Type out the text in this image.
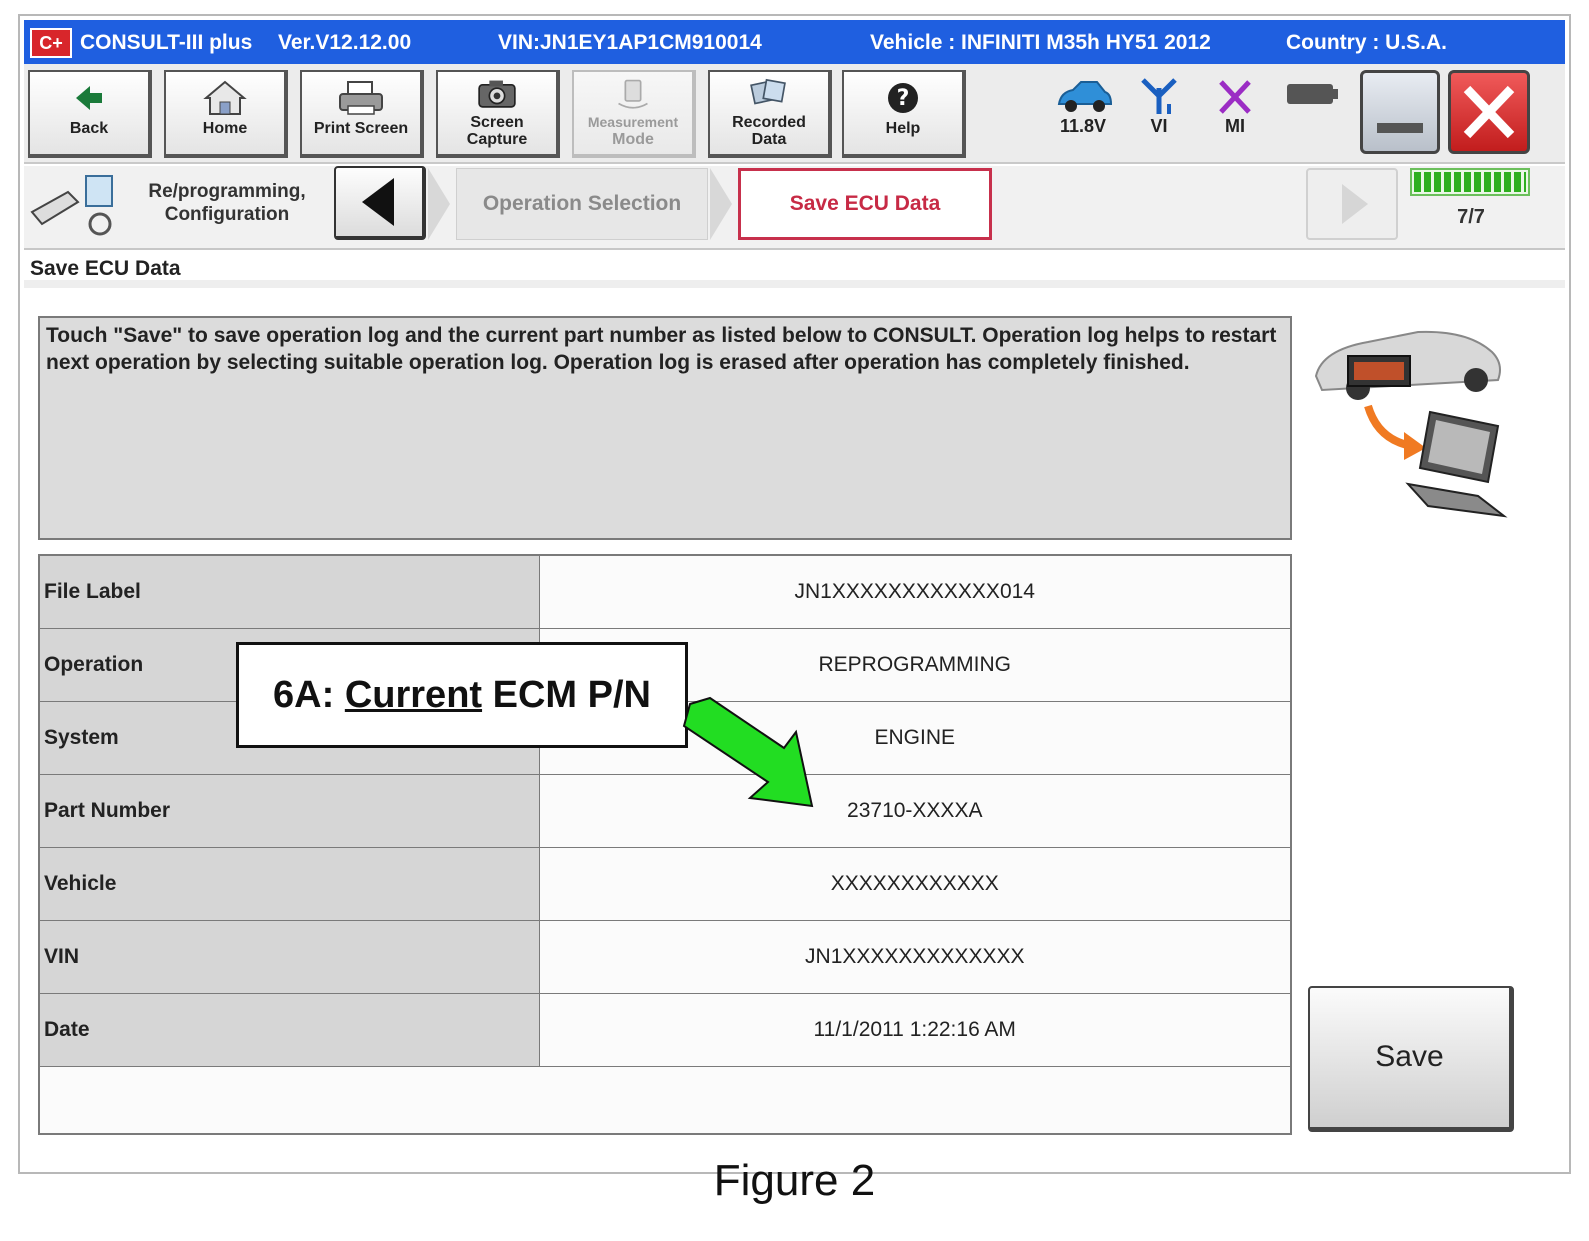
C+ CONSULT-III plus Ver.V12.12.00	VIN:JN1EY1AP1CM910014	Vehicle : INFINITI M35h HY51 2012	Country : U.S.A.
Back	Home	Print Screen	Screen
Capture
Measurement
Mode
Recorded
Data
?
Help	11.8V	VI	MI
Re/programming,
Configuration	Operation Selection	Save ECU Data
7/7
Save ECU Data
Touch "Save" to save operation log and the current part number as listed below to CONSULT. Operation log helps to restart next operation by selecting suitable operation log. Operation log is erased after operation has completely finished.
File Label	JN1XXXXXXXXXXXX014
Operation	REPROGRAMMING
System	ENGINE
Part Number	23710-XXXXA
Vehicle	XXXXXXXXXXXX
VIN	JN1XXXXXXXXXXXXX
Date	11/1/2011 1:22:16 AM

6A: Current ECM P/N
Save
Figure 2
